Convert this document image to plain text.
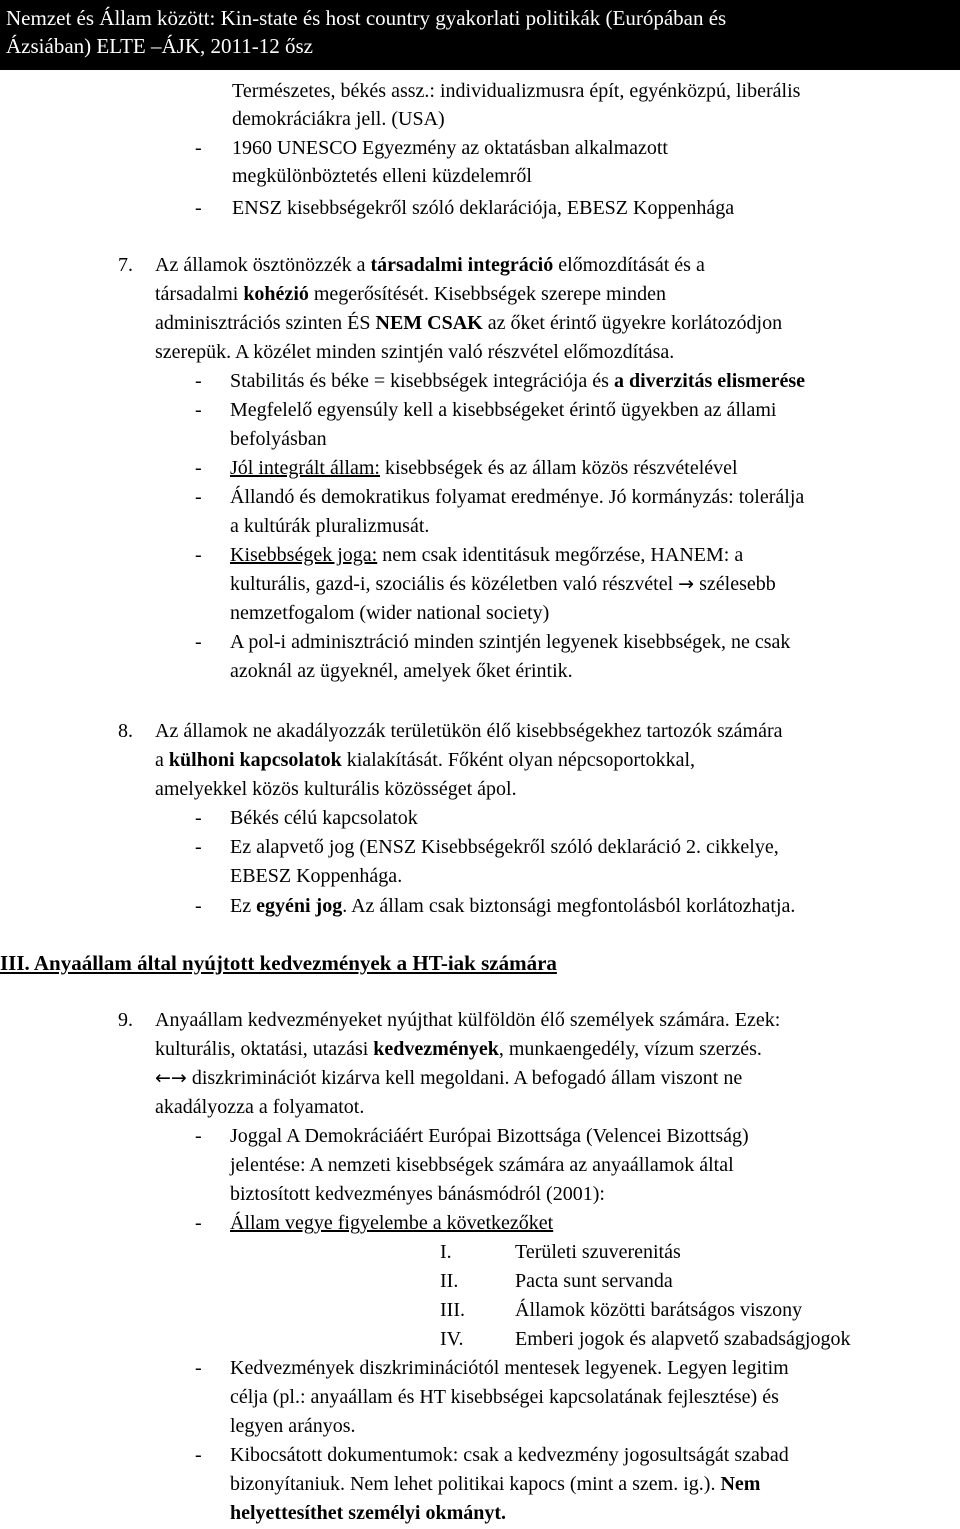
Nemzet és Állam között: Kin-state és host country gyakorlati politikák (Európában és
Ázsiában) ELTE –ÁJK, 2011-12 ősz
Természetes, békés assz.: individualizmusra épít, egyénközpú, liberális
demokráciákra jell. (USA)
- 1960 UNESCO Egyezmény az oktatásban alkalmazott
megkülönböztetés elleni küzdelemről
- ENSZ kisebbségekről szóló deklarációja, EBESZ Koppenhága
7. Az államok ösztönözzék a társadalmi integráció előmozdítását és a
társadalmi kohézió megerősítését. Kisebbségek szerepe minden
adminisztrációs szinten ÉS NEM CSAK az őket érintő ügyekre korlátozódjon
szerepük. A közélet minden szintjén való részvétel előmozdítása.
- Stabilitás és béke = kisebbségek integrációja és a diverzitás elismerése
- Megfelelő egyensúly kell a kisebbségeket érintő ügyekben az állami
befolyásban
- Jól integrált állam: kisebbségek és az állam közös részvételével
- Állandó és demokratikus folyamat eredménye. Jó kormányzás: tolerálja
a kultúrák pluralizmusát.
- Kisebbségek joga: nem csak identitásuk megőrzése, HANEM: a
kulturális, gazd-i, szociális és közéletben való részvétel → szélesebb
nemzetfogalom (wider national society)
- A pol-i adminisztráció minden szintjén legyenek kisebbségek, ne csak
azoknál az ügyeknél, amelyek őket érintik.
8. Az államok ne akadályozzák területükön élő kisebbségekhez tartozók számára
a külhoni kapcsolatok kialakítását. Főként olyan népcsoportokkal,
amelyekkel közös kulturális közösséget ápol.
- Békés célú kapcsolatok
- Ez alapvető jog (ENSZ Kisebbségekről szóló deklaráció 2. cikkelye,
EBESZ Koppenhága.
- Ez egyéni jog. Az állam csak biztonsági megfontolásból korlátozhatja.
III. Anyaállam által nyújtott kedvezmények a HT-iak számára
9. Anyaállam kedvezményeket nyújthat külföldön élő személyek számára. Ezek:
kulturális, oktatási, utazási kedvezmények, munkaengedély, vízum szerzés.
←→ diszkriminációt kizárva kell megoldani. A befogadó állam viszont ne
akadályozza a folyamatot.
- Joggal A Demokráciáért Európai Bizottsága (Velencei Bizottság)
jelentése: A nemzeti kisebbségek számára az anyaállamok által
biztosított kedvezményes bánásmódról (2001):
- Állam vegye figyelembe a következőket
I.	Területi szuverenitás
II.	Pacta sunt servanda
III.	Államok közötti barátságos viszony
IV.	Emberi jogok és alapvető szabadságjogok
- Kedvezmények diszkriminációtól mentesek legyenek. Legyen legitim
célja (pl.: anyaállam és HT kisebbségei kapcsolatának fejlesztése) és
legyen arányos.
- Kibocsátott dokumentumok: csak a kedvezmény jogosultságát szabad
bizonyítaniuk. Nem lehet politikai kapocs (mint a szem. ig.). Nem
helyettesíthet személyi okmányt.
